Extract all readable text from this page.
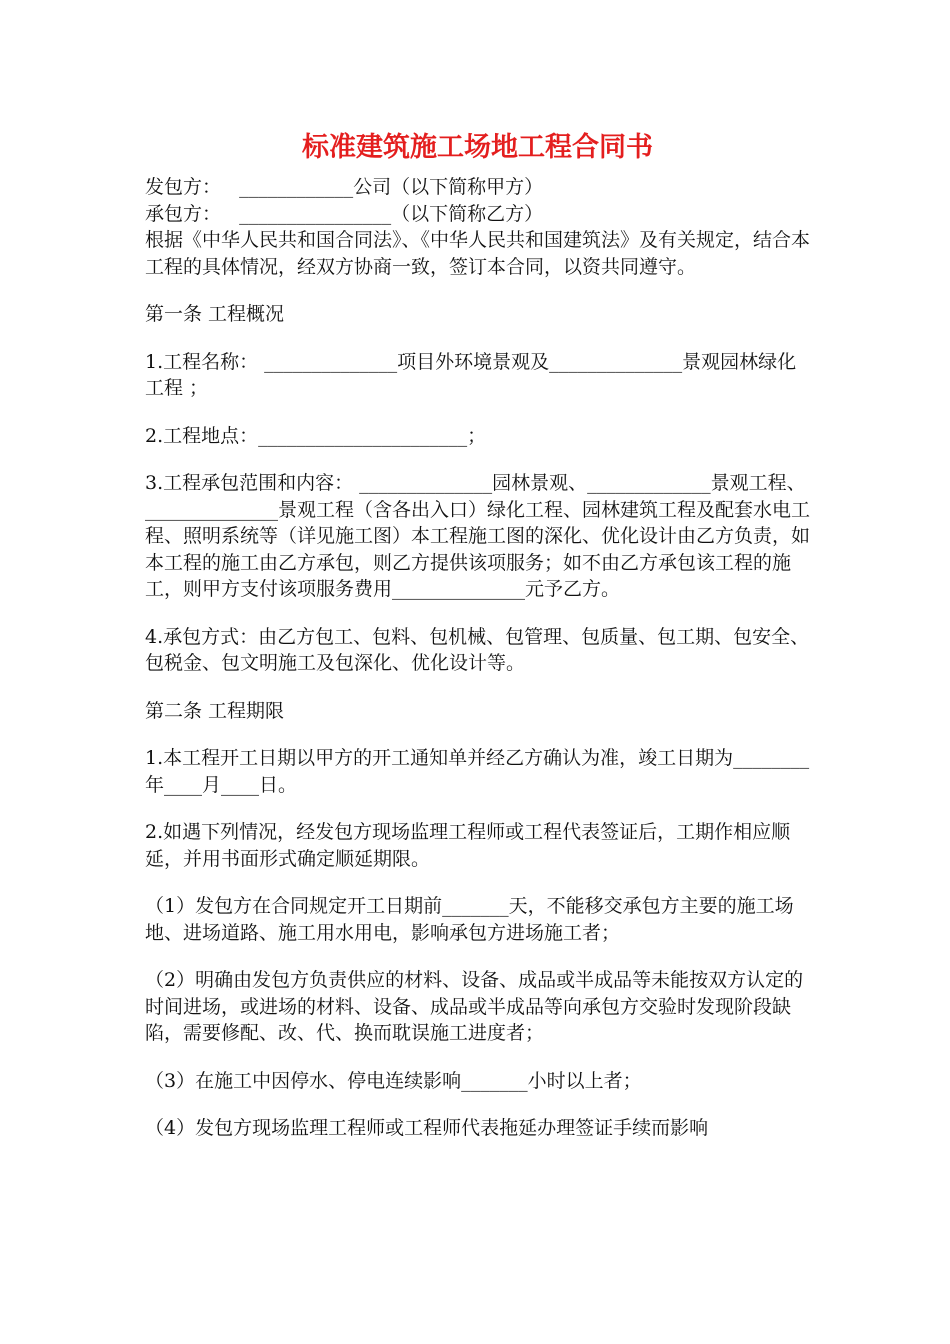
标准建筑施工场地工程合同书

发包方：   ____________公司（以下简称甲方）

承包方：   ________________（以下简称乙方）

根据《中华人民共和国合同法》、《中华人民共和国建筑法》及有关规定，结合本工程的具体情况，经双方协商一致，签订本合同，以资共同遵守。

第一条 工程概况

1.工程名称： ______________项目外环境景观及______________景观园林绿化工程 ；

2.工程地点：______________________；

3.工程承包范围和内容： ______________园林景观、_____________景观工程、______________景观工程（含各出入口）绿化工程、园林建筑工程及配套水电工程、照明系统等（详见施工图）本工程施工图的深化、优化设计由乙方负责，如本工程的施工由乙方承包，则乙方提供该项服务；如不由乙方承包该工程的施工，则甲方支付该项服务费用______________元予乙方。

4.承包方式：由乙方包工、包料、包机械、包管理、包质量、包工期、包安全、包税金、包文明施工及包深化、优化设计等。

第二条 工程期限

1.本工程开工日期以甲方的开工通知单并经乙方确认为准，竣工日期为________年____月____日。

2.如遇下列情况，经发包方现场监理工程师或工程代表签证后，工期作相应顺延，并用书面形式确定顺延期限。

（1）发包方在合同规定开工日期前_______天，不能移交承包方主要的施工场地、进场道路、施工用水用电，影响承包方进场施工者；

（2）明确由发包方负责供应的材料、设备、成品或半成品等未能按双方认定的时间进场，或进场的材料、设备、成品或半成品等向承包方交验时发现阶段缺陷，需要修配、改、代、换而耽误施工进度者；

（3）在施工中因停水、停电连续影响_______小时以上者；

（4）发包方现场监理工程师或工程师代表拖延办理签证手续而影响
